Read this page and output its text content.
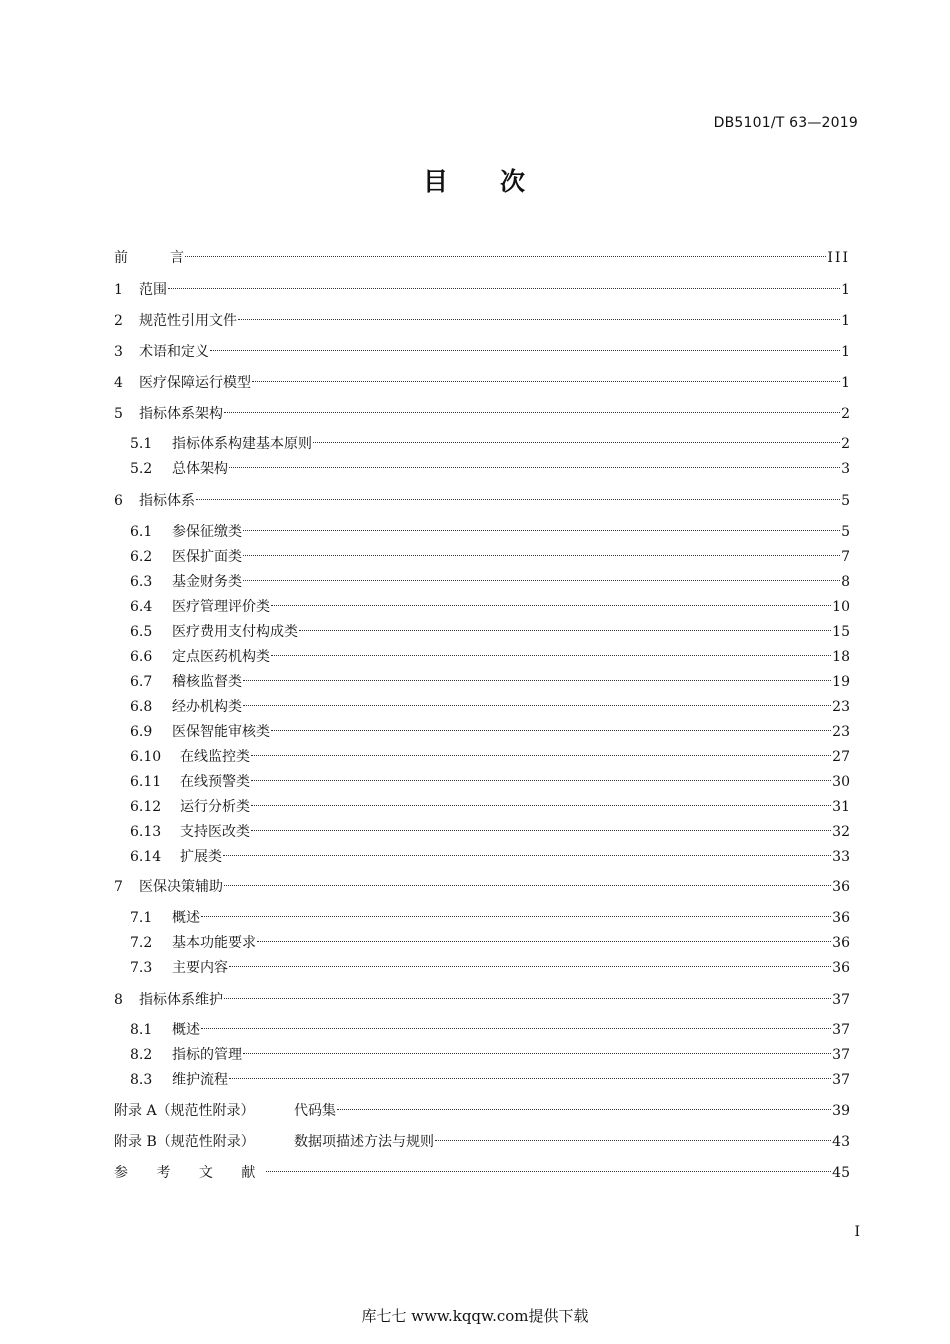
DB5101/T 63—2019
目 次
前	言	III
1	范围	1
2	规范性引用文件	1
3	术语和定义	1
4	医疗保障运行模型	1
5	指标体系架构	2
5.1	指标体系构建基本原则	2
5.2	总体架构	3
6	指标体系	5
6.1	参保征缴类	5
6.2	医保扩面类	7
6.3	基金财务类	8
6.4	医疗管理评价类	10
6.5	医疗费用支付构成类	15
6.6	定点医药机构类	18
6.7	稽核监督类	19
6.8	经办机构类	23
6.9	医保智能审核类	23
6.10	在线监控类	27
6.11	在线预警类	30
6.12	运行分析类	31
6.13	支持医改类	32
6.14	扩展类	33
7	医保决策辅助	36
7.1	概述	36
7.2	基本功能要求	36
7.3	主要内容	36
8	指标体系维护	37
8.1	概述	37
8.2	指标的管理	37
8.3	维护流程	37
附录 A（规范性附录）	代码集	39
附录 B（规范性附录）	数据项描述方法与规则	43
参 考 文 献	45
I
库七七 www.kqqw.com提供下载
